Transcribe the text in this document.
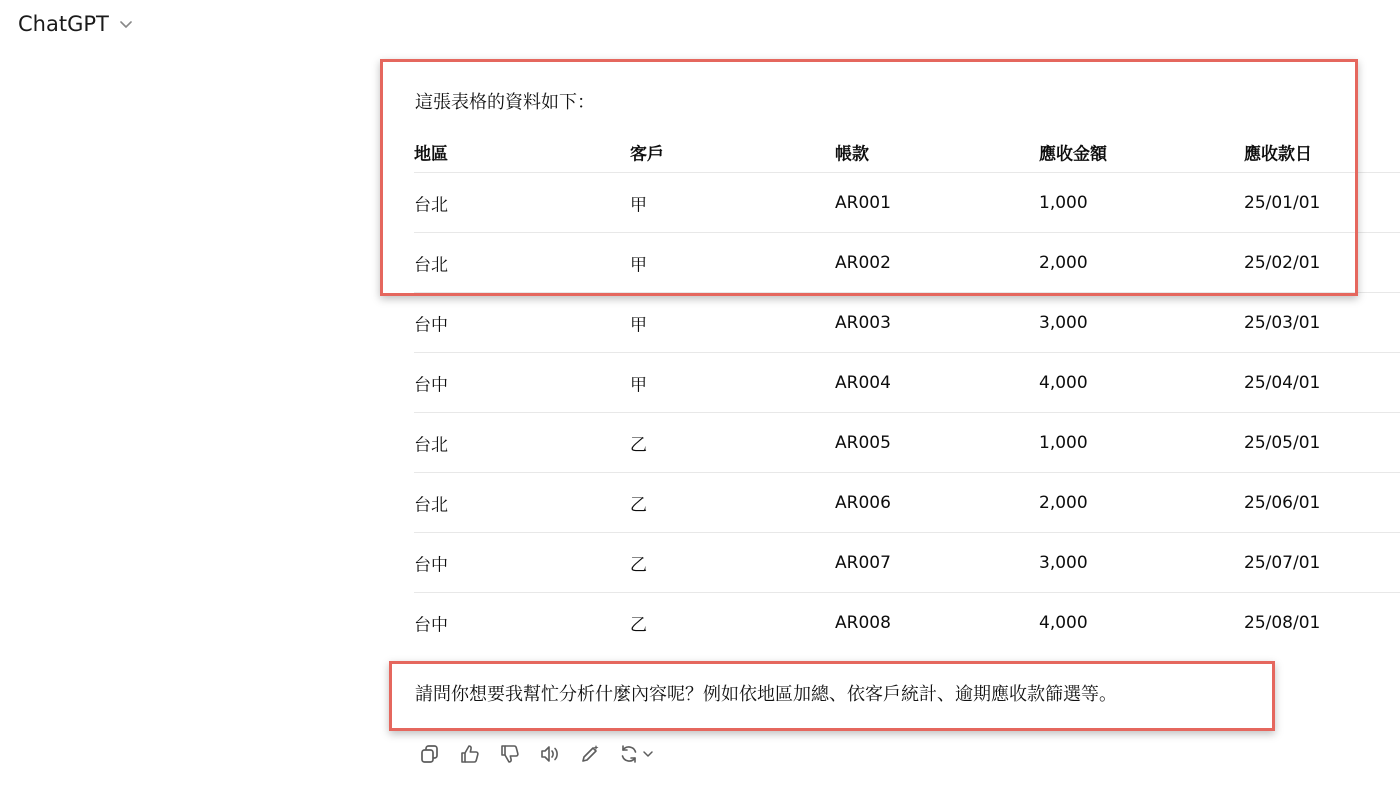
ChatGPT
這張表格的資料如下：
地區	客戶	帳款	應收金額	應收款日
台北	甲	AR001	1,000	25/01/01
台北	甲	AR002	2,000	25/02/01
台中	甲	AR003	3,000	25/03/01
台中	甲	AR004	4,000	25/04/01
台北	乙	AR005	1,000	25/05/01
台北	乙	AR006	2,000	25/06/01
台中	乙	AR007	3,000	25/07/01
台中	乙	AR008	4,000	25/08/01
請問你想要我幫忙分析什麼內容呢？例如依地區加總、依客戶統計、逾期應收款篩選等。
